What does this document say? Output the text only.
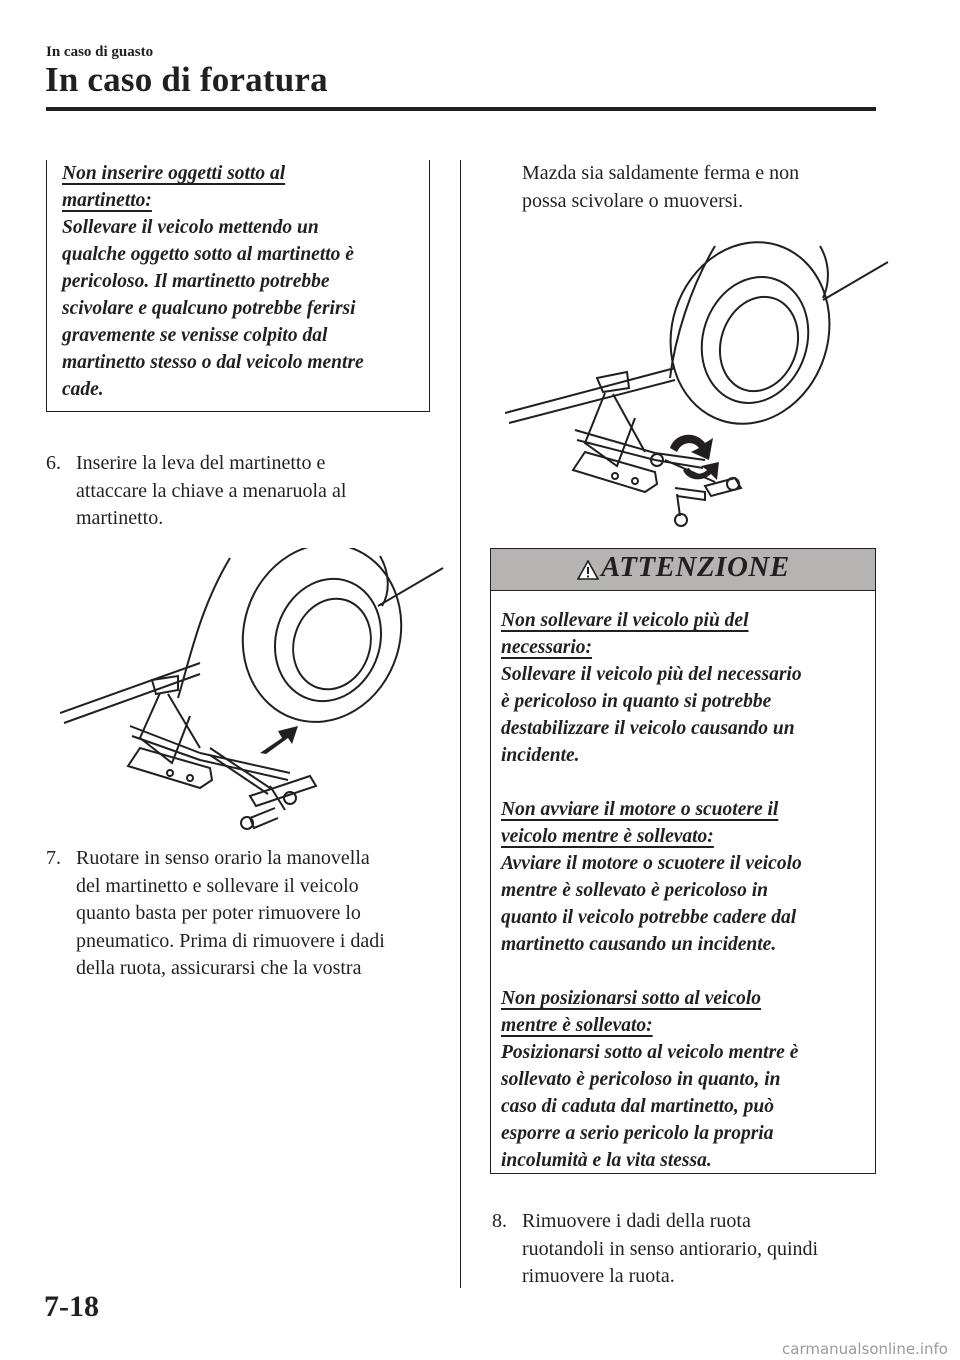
In caso di guasto
In caso di foratura
Non inserire oggetti sotto al
martinetto:
Sollevare il veicolo mettendo un
qualche oggetto sotto al martinetto è
pericoloso. Il martinetto potrebbe
scivolare e qualcuno potrebbe ferirsi
gravemente se venisse colpito dal
martinetto stesso o dal veicolo mentre
cade.
6. Inserire la leva del martinetto e
attaccare la chiave a menaruola al
martinetto.
7. Ruotare in senso orario la manovella
del martinetto e sollevare il veicolo
quanto basta per poter rimuovere lo
pneumatico. Prima di rimuovere i dadi
della ruota, assicurarsi che la vostra
Mazda sia saldamente ferma e non
possa scivolare o muoversi.
ATTENZIONE
Non sollevare il veicolo più del
necessario:
Sollevare il veicolo più del necessario
è pericoloso in quanto si potrebbe
destabilizzare il veicolo causando un
incidente.
Non avviare il motore o scuotere il
veicolo mentre è sollevato:
Avviare il motore o scuotere il veicolo
mentre è sollevato è pericoloso in
quanto il veicolo potrebbe cadere dal
martinetto causando un incidente.
Non posizionarsi sotto al veicolo
mentre è sollevato:
Posizionarsi sotto al veicolo mentre è
sollevato è pericoloso in quanto, in
caso di caduta dal martinetto, può
esporre a serio pericolo la propria
incolumità e la vita stessa.
8. Rimuovere i dadi della ruota
ruotandoli in senso antiorario, quindi
rimuovere la ruota.
7-18
carmanualsonline.info
